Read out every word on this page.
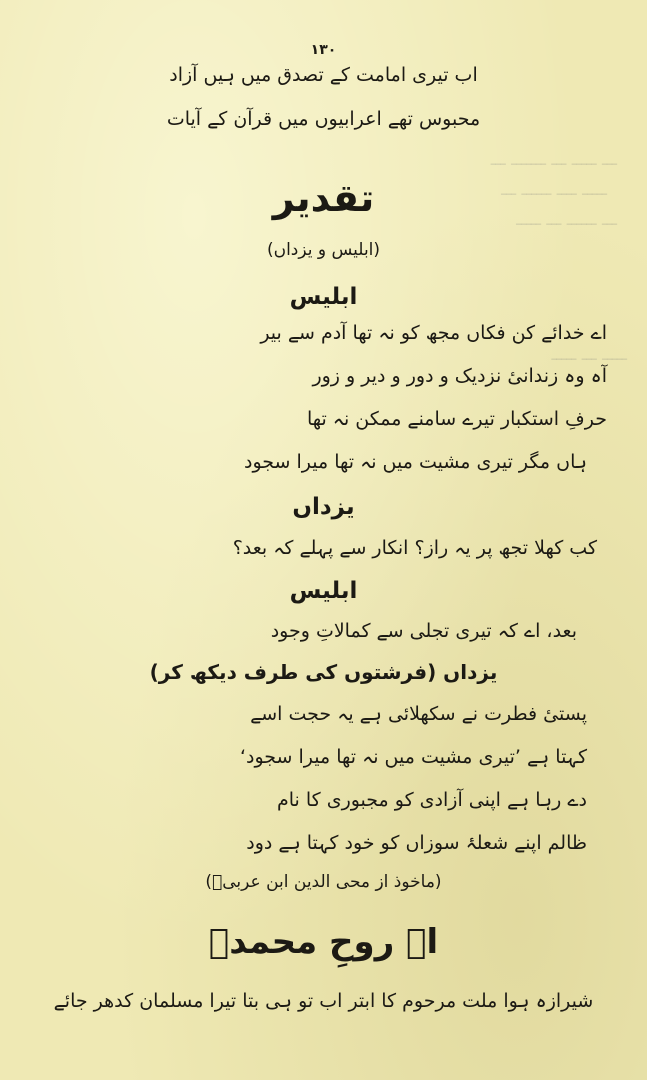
ـــ ـــــ ـــ ـــــــ ـــ
ـــــ ــــ ــــــ ـــ
ـــ ــــــ ـــ ـــــ
ـــــ ـــ ـــــ
۱۳۰
اب تیری امامت کے تصدق میں ہیں آزاد
محبوس تھے اعرابیوں میں قرآن کے آیات
تقدیر
(ابلیس و یزداں)
ابلیس
اے خدائے کن فکاں مجھ کو نہ تھا آدم سے بیر
آہ وہ زندانیٔ نزدیک و دور و دیر و زور
حرفِ استکبار تیرے سامنے ممکن نہ تھا
ہاں مگر تیری مشیت میں نہ تھا میرا سجود
یزداں
کب کھلا تجھ پر یہ راز؟ انکار سے پہلے کہ بعد؟
ابلیس
بعد، اے کہ تیری تجلی سے کمالاتِ وجود
یزداں (فرشتوں کی طرف دیکھ کر)
پستیٔ فطرت نے سکھلائی ہے یہ حجت اسے
کہتا ہے ’تیری مشیت میں نہ تھا میرا سجود‘
دے رہا ہے اپنی آزادی کو مجبوری کا نام
ظالم اپنے شعلۂ سوزاں کو خود کہتا ہے دود
(ماخوذ از محی الدین ابن عربیؒ)
اے روحِ محمدؐ
شیرازہ ہوا ملت مرحوم کا ابتر اب تو ہی بتا تیرا مسلمان کدھر جائے
